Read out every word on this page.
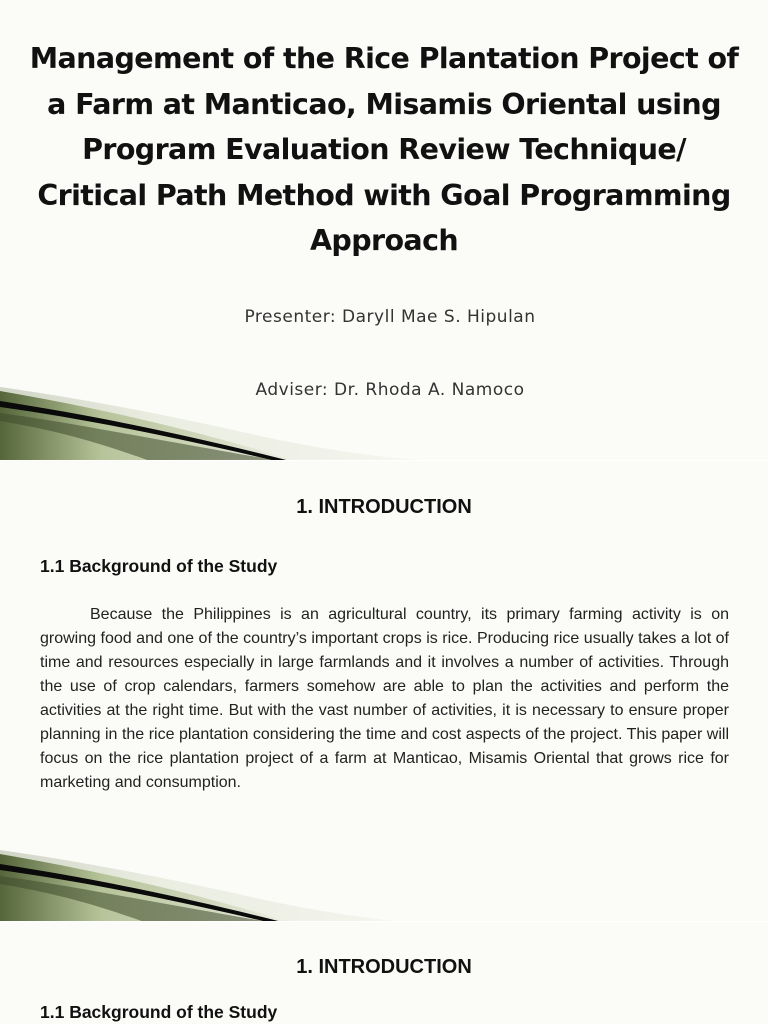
Management of the Rice Plantation Project of a Farm at Manticao, Misamis Oriental using Program Evaluation Review Technique/ Critical Path Method with Goal Programming Approach
Presenter: Daryll Mae S. Hipulan
Adviser: Dr. Rhoda A. Namoco
1. INTRODUCTION
1.1 Background of the Study

Because the Philippines is an agricultural country, its primary farming activity is on growing food and one of the country’s important crops is rice. Producing rice usually takes a lot of time and resources especially in large farmlands and it involves a number of activities. Through the use of crop calendars, farmers somehow are able to plan the activities and perform the activities at the right time. But with the vast number of activities, it is necessary to ensure proper planning in the rice plantation considering the time and cost aspects of the project. This paper will focus on the rice plantation project of a farm at Manticao, Misamis Oriental that grows rice for marketing and consumption.

1. INTRODUCTION
1.1 Background of the Study
